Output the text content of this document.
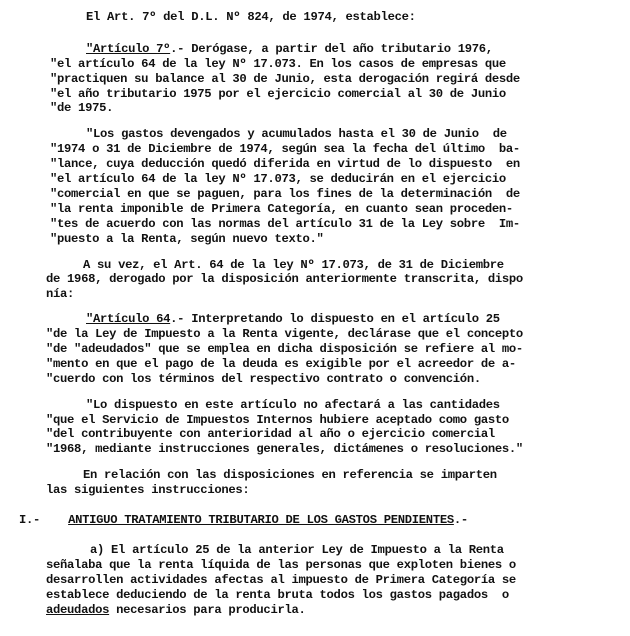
El Art. 7º del D.L. Nº 824, de 1974, establece:
"Artículo 7º.- Derógase, a partir del año tributario 1976,
"el artículo 64 de la ley Nº 17.073. En los casos de empresas que
"practiquen su balance al 30 de Junio, esta derogación regirá desde
"el año tributario 1975 por el ejercicio comercial al 30 de Junio
"de 1975.
"Los gastos devengados y acumulados hasta el 30 de Junio  de
"1974 o 31 de Diciembre de 1974, según sea la fecha del último  ba-
"lance, cuya deducción quedó diferida en virtud de lo dispuesto  en
"el artículo 64 de la ley Nº 17.073, se deducirán en el ejercicio
"comercial en que se paguen, para los fines de la determinación  de
"la renta imponible de Primera Categoría, en cuanto sean proceden-
"tes de acuerdo con las normas del artículo 31 de la Ley sobre  Im-
"puesto a la Renta, según nuevo texto."
A su vez, el Art. 64 de la ley Nº 17.073, de 31 de Diciembre
de 1968, derogado por la disposición anteriormente transcrita, dispo
nía:
"Artículo 64.- Interpretando lo dispuesto en el artículo 25
"de la Ley de Impuesto a la Renta vigente, declárase que el concepto
"de "adeudados" que se emplea en dicha disposición se refiere al mo-
"mento en que el pago de la deuda es exigible por el acreedor de a-
"cuerdo con los términos del respectivo contrato o convención.
"Lo dispuesto en este artículo no afectará a las cantidades
"que el Servicio de Impuestos Internos hubiere aceptado como gasto
"del contribuyente con anterioridad al año o ejercicio comercial
"1968, mediante instrucciones generales, dictámenes o resoluciones."
En relación con las disposiciones en referencia se imparten
las siguientes instrucciones:
I.- ANTIGUO TRATAMIENTO TRIBUTARIO DE LOS GASTOS PENDIENTES.-
a) El artículo 25 de la anterior Ley de Impuesto a la Renta
señalaba que la renta líquida de las personas que exploten bienes o
desarrollen actividades afectas al impuesto de Primera Categoría se
establece deduciendo de la renta bruta todos los gastos pagados  o
adeudados necesarios para producirla.
